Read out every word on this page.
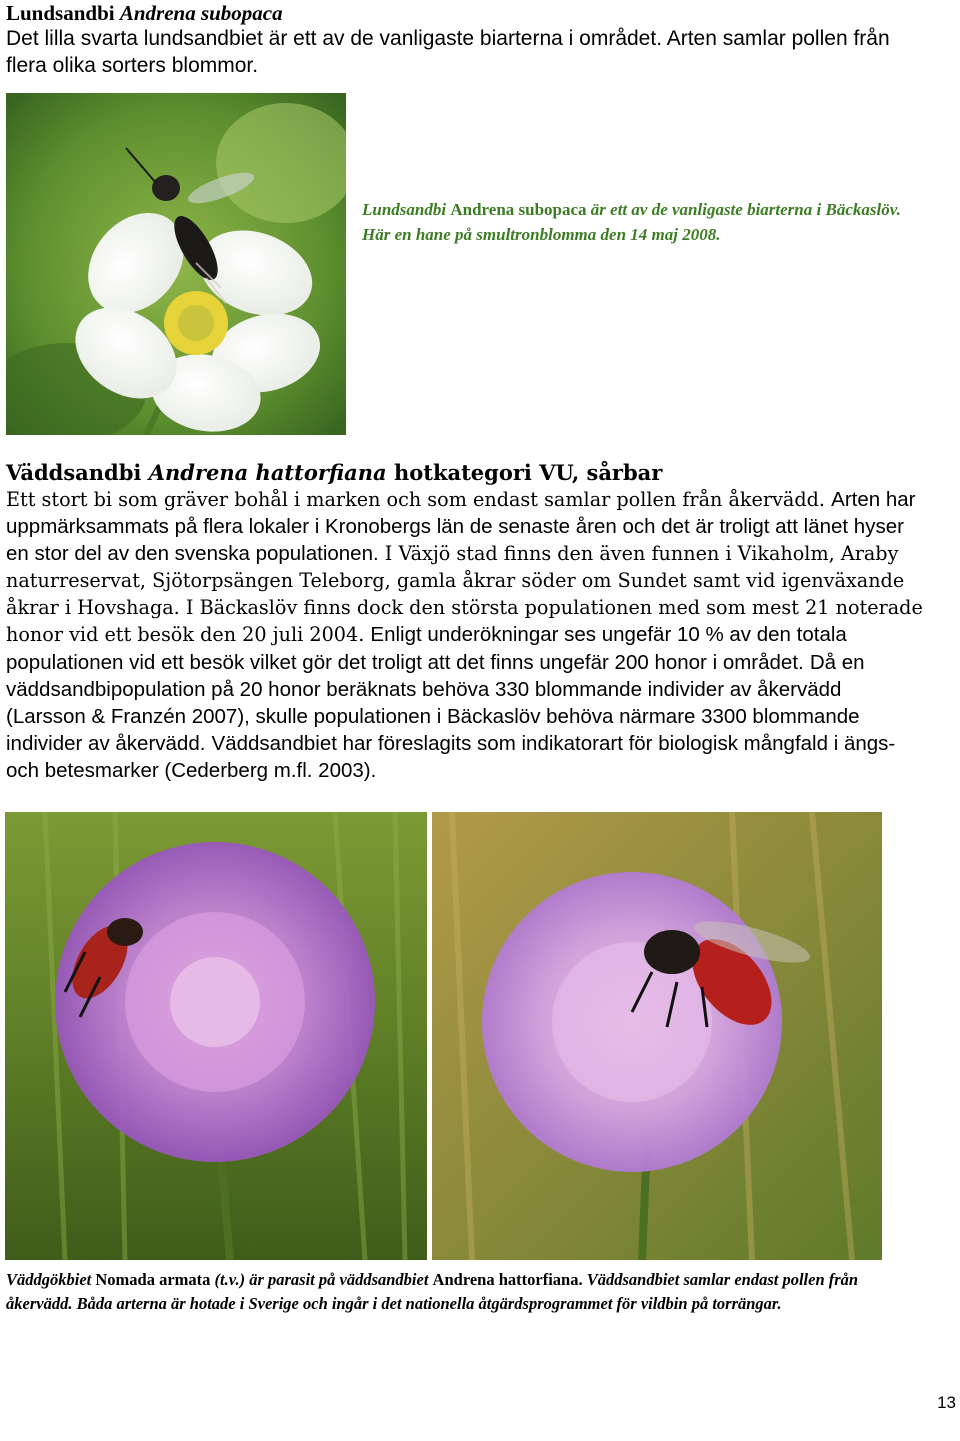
Lundsandbi Andrena subopaca
Det lilla svarta lundsandbiet är ett av de vanligaste biarterna i området. Arten samlar pollen från flera olika sorters blommor.
Lundsandbi Andrena subopaca är ett av de vanligaste biarterna i Bäckaslöv. Här en hane på smultronblomma den 14 maj 2008.
Väddsandbi Andrena hattorfiana hotkategori VU, sårbar
Ett stort bi som gräver bohål i marken och som endast samlar pollen från åkervädd. Arten har uppmärksammats på flera lokaler i Kronobergs län de senaste åren och det är troligt att länet hyser en stor del av den svenska populationen. I Växjö stad finns den även funnen i Vikaholm, Araby naturreservat, Sjötorpsängen Teleborg, gamla åkrar söder om Sundet samt vid igenväxande åkrar i Hovshaga. I Bäckaslöv finns dock den största populationen med som mest 21 noterade honor vid ett besök den 20 juli 2004. Enligt underökningar ses ungefär 10 % av den totala populationen vid ett besök vilket gör det troligt att det finns ungefär 200 honor i området. Då en väddsandbipopulation på 20 honor beräknats behöva 330 blommande individer av åkervädd (Larsson & Franzén 2007), skulle populationen i Bäckaslöv behöva närmare 3300 blommande individer av åkervädd. Väddsandbiet har föreslagits som indikatorart för biologisk mångfald i ängs- och betesmarker (Cederberg m.fl. 2003).
Väddgökbiet Nomada armata (t.v.) är parasit på väddsandbiet Andrena hattorfiana. Väddsandbiet samlar endast pollen från åkervädd. Båda arterna är hotade i Sverige och ingår i det nationella åtgärdsprogrammet för vildbin på torrängar.
13
